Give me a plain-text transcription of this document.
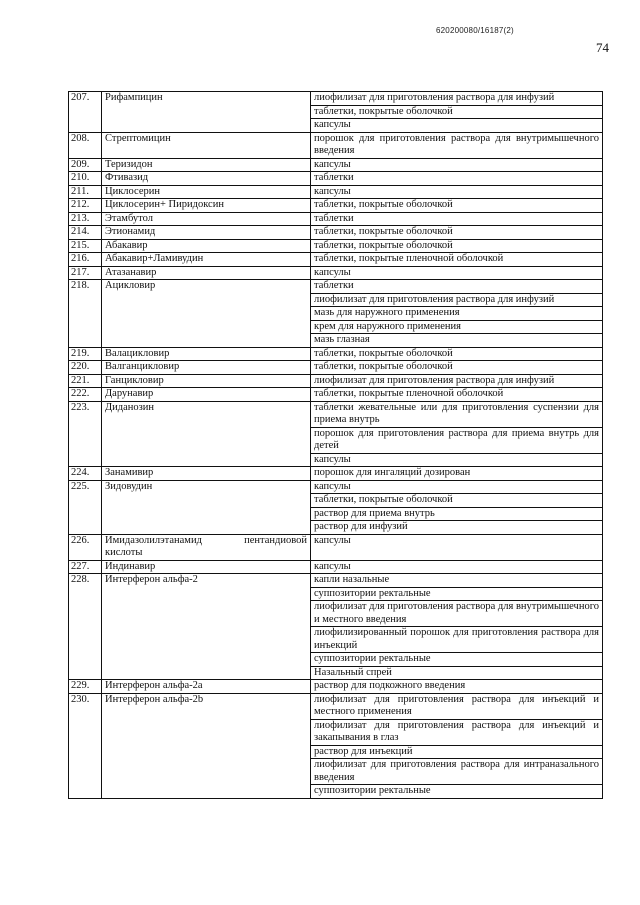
620200080/16187(2)
74
207.	Рифампицин	лиофилизат для приготовления раствора для инфузий
		таблетки, покрытые оболочкой
		капсулы
208.	Стрептомицин	порошок для приготовления раствора для внутримышечного введения
209.	Теризидон	капсулы
210.	Фтивазид	таблетки
211.	Циклосерин	капсулы
212.	Циклосерин+ Пиридоксин	таблетки, покрытые оболочкой
213.	Этамбутол	таблетки
214.	Этионамид	таблетки, покрытые оболочкой
215.	Абакавир	таблетки, покрытые оболочкой
216.	Абакавир+Ламивудин	таблетки, покрытые пленочной оболочкой
217.	Атазанавир	капсулы
218.	Ацикловир	таблетки
		лиофилизат для приготовления раствора для инфузий
		мазь для наружного применения
		крем для наружного применения
		мазь глазная
219.	Валацикловир	таблетки, покрытые оболочкой
220.	Валганцикловир	таблетки, покрытые оболочкой
221.	Ганцикловир	лиофилизат для приготовления раствора для инфузий
222.	Дарунавир	таблетки, покрытые пленочной оболочкой
223.	Диданозин	таблетки жевательные или для приготовления суспензии для приема внутрь
		порошок для приготовления раствора для приема внутрь для детей
		капсулы
224.	Занамивир	порошок для ингаляций дозирован
225.	Зидовудин	капсулы
		таблетки, покрытые оболочкой
		раствор для приема внутрь
		раствор для инфузий
226.	Имидазолилэтанамид пентандиовой кислоты	капсулы
227.	Индинавир	капсулы
228.	Интерферон альфа-2	капли назальные
		суппозитории ректальные
		лиофилизат для приготовления раствора для внутримышечного и местного введения
		лиофилизированный порошок для приготовления раствора для инъекций
		суппозитории ректальные
		Назальный спрей
229.	Интерферон альфа-2а	раствор для подкожного введения
230.	Интерферон альфа-2b	лиофилизат для приготовления раствора для инъекций и местного применения
		лиофилизат для приготовления раствора для инъекций и закапывания в глаз
		раствор для инъекций
		лиофилизат для приготовления раствора для интраназального введения
		суппозитории ректальные
